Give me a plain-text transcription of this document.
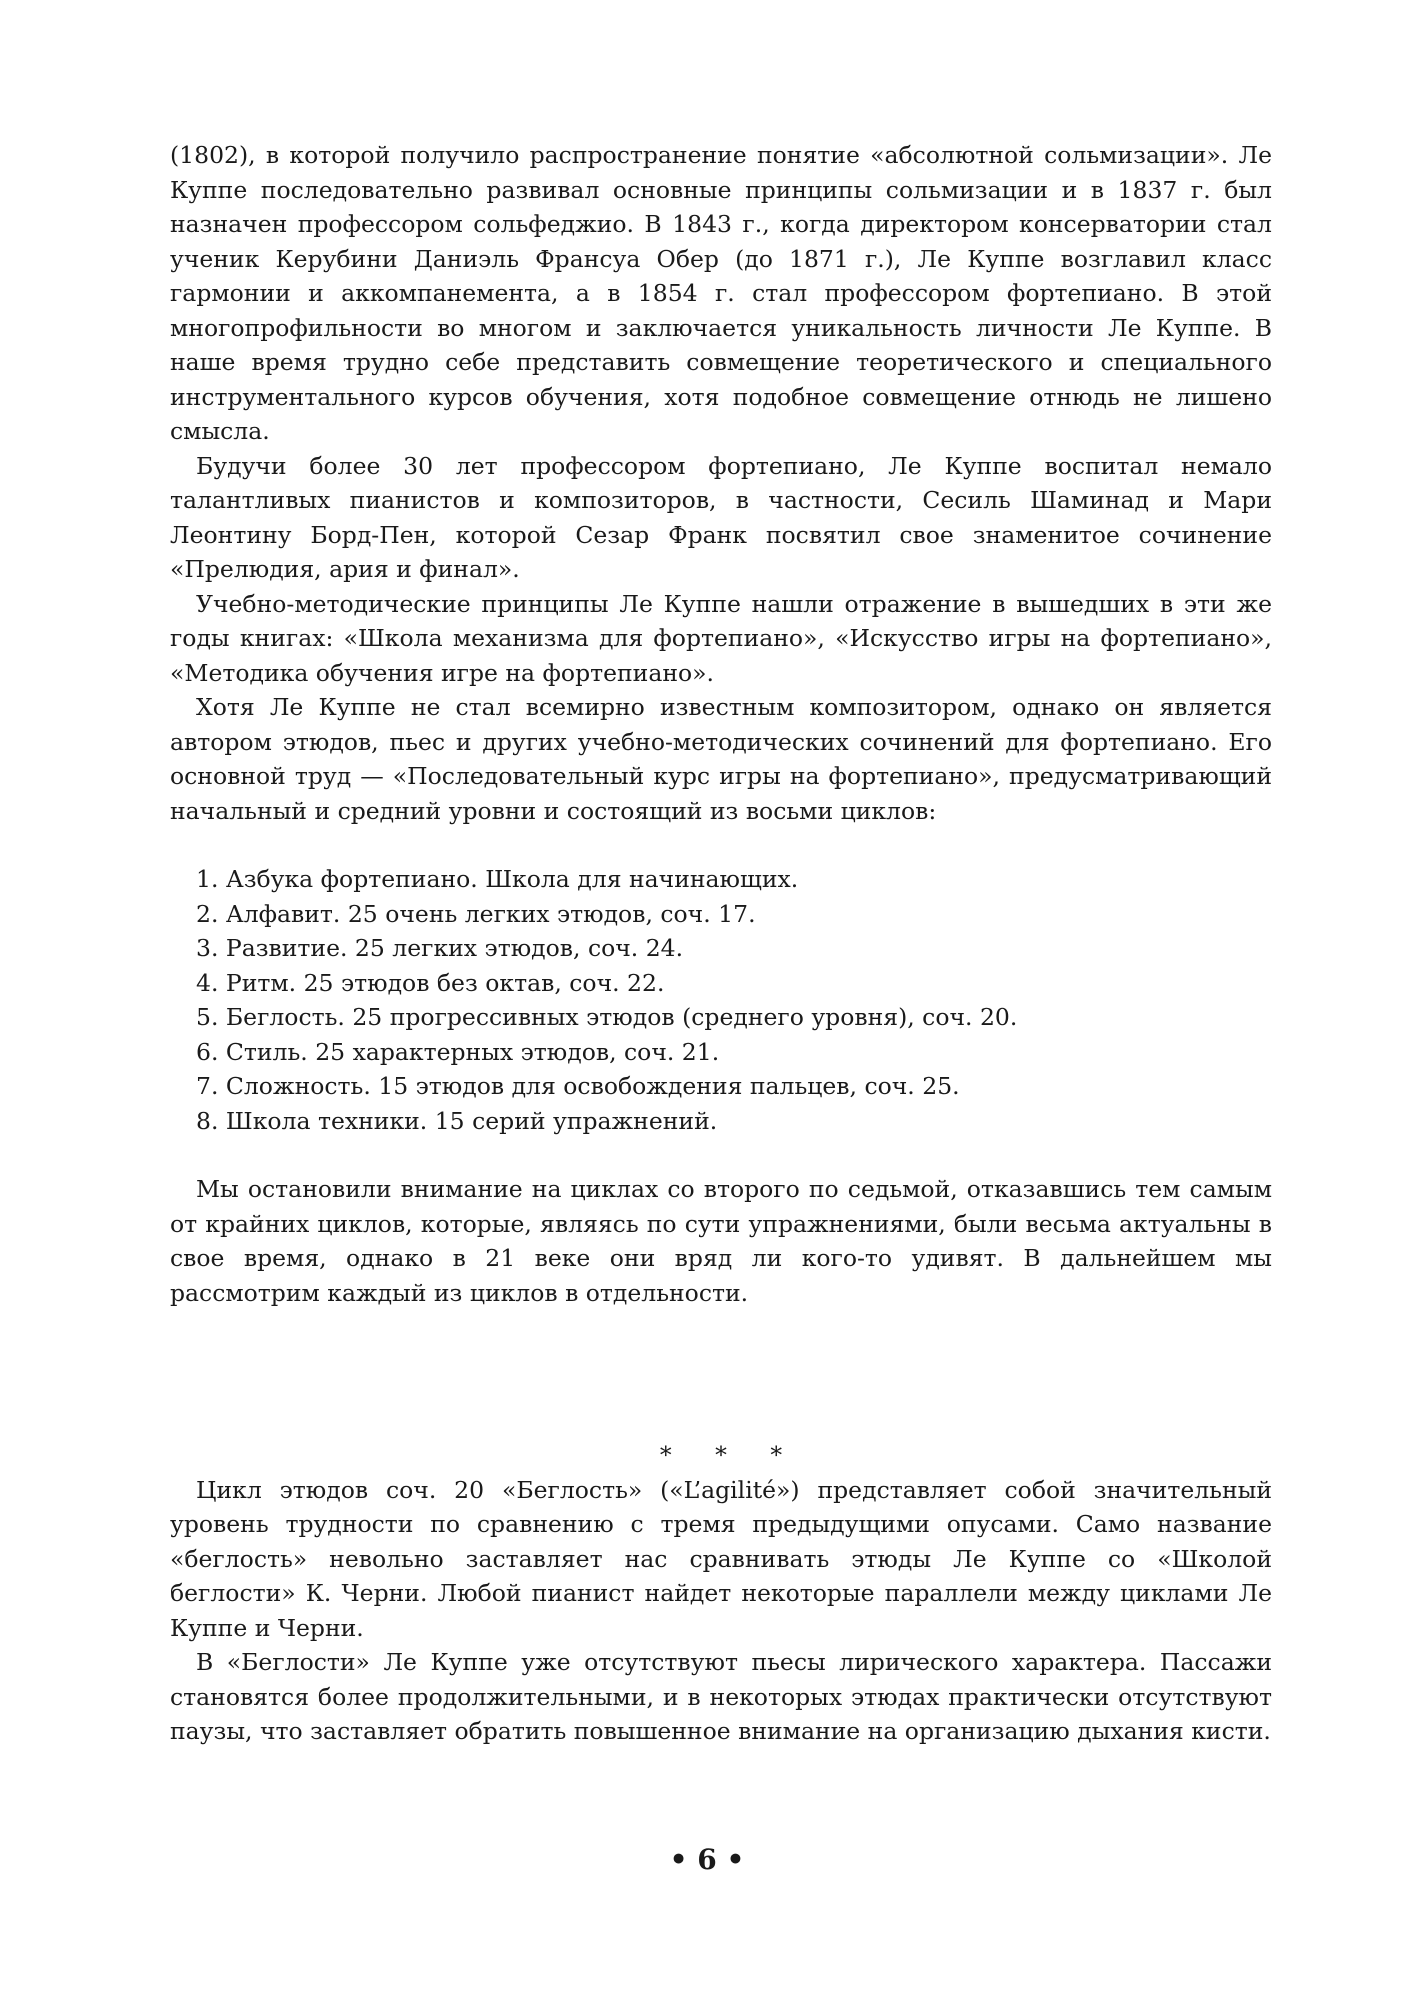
(1802), в которой получило распространение понятие «абсолютной сольмизации». Ле Куппе последовательно развивал основные принципы сольмизации и в 1837 г. был назначен профессором сольфеджио. В 1843 г., когда директором консерватории стал ученик Керубини Даниэль Франсуа Обер (до 1871 г.), Ле Куппе возглавил класс гармонии и аккомпанемента, а в 1854 г. стал профессором фортепиано. В этой многопрофильности во многом и заключается уникальность личности Ле Куппе. В наше время трудно себе представить совмещение теоретического и специального инструментального курсов обучения, хотя подобное совмещение отнюдь не лишено смысла.

Будучи более 30 лет профессором фортепиано, Ле Куппе воспитал немало талантливых пианистов и композиторов, в частности, Сесиль Шаминад и Мари Леонтину Борд-Пен, которой Сезар Франк посвятил свое знаменитое сочинение «Прелюдия, ария и финал».

Учебно-методические принципы Ле Куппе нашли отражение в вышедших в эти же годы книгах: «Школа механизма для фортепиано», «Искусство игры на фортепиано», «Методика обучения игре на фортепиано».

Хотя Ле Куппе не стал всемирно известным композитором, однако он является автором этюдов, пьес и других учебно-методических сочинений для фортепиано. Его основной труд — «Последовательный курс игры на фортепиано», предусматривающий начальный и средний уровни и состоящий из восьми циклов:

1. Азбука фортепиано. Школа для начинающих.
2. Алфавит. 25 очень легких этюдов, соч. 17.
3. Развитие. 25 легких этюдов, соч. 24.
4. Ритм. 25 этюдов без октав, соч. 22.
5. Беглость. 25 прогрессивных этюдов (среднего уровня), соч. 20.
6. Стиль. 25 характерных этюдов, соч. 21.
7. Сложность. 15 этюдов для освобождения пальцев, соч. 25.
8. Школа техники. 15 серий упражнений.

Мы остановили внимание на циклах со второго по седьмой, отказавшись тем самым от крайних циклов, которые, являясь по сути упражнениями, были весьма актуальны в свое время, однако в 21 веке они вряд ли кого-то удивят. В дальнейшем мы рассмотрим каждый из циклов в отдельности.

* * *

Цикл этюдов соч. 20 «Беглость» («L’agilité») представляет собой значительный уровень трудности по сравнению с тремя предыдущими опусами. Само название «беглость» невольно заставляет нас сравнивать этюды Ле Куппе со «Школой беглости» К. Черни. Любой пианист найдет некоторые параллели между циклами Ле Куппе и Черни.

В «Беглости» Ле Куппе уже отсутствуют пьесы лирического характера. Пассажи становятся более продолжительными, и в некоторых этюдах практически отсутствуют паузы, что заставляет обратить повышенное внимание на организацию дыхания кисти.

• 6 •
